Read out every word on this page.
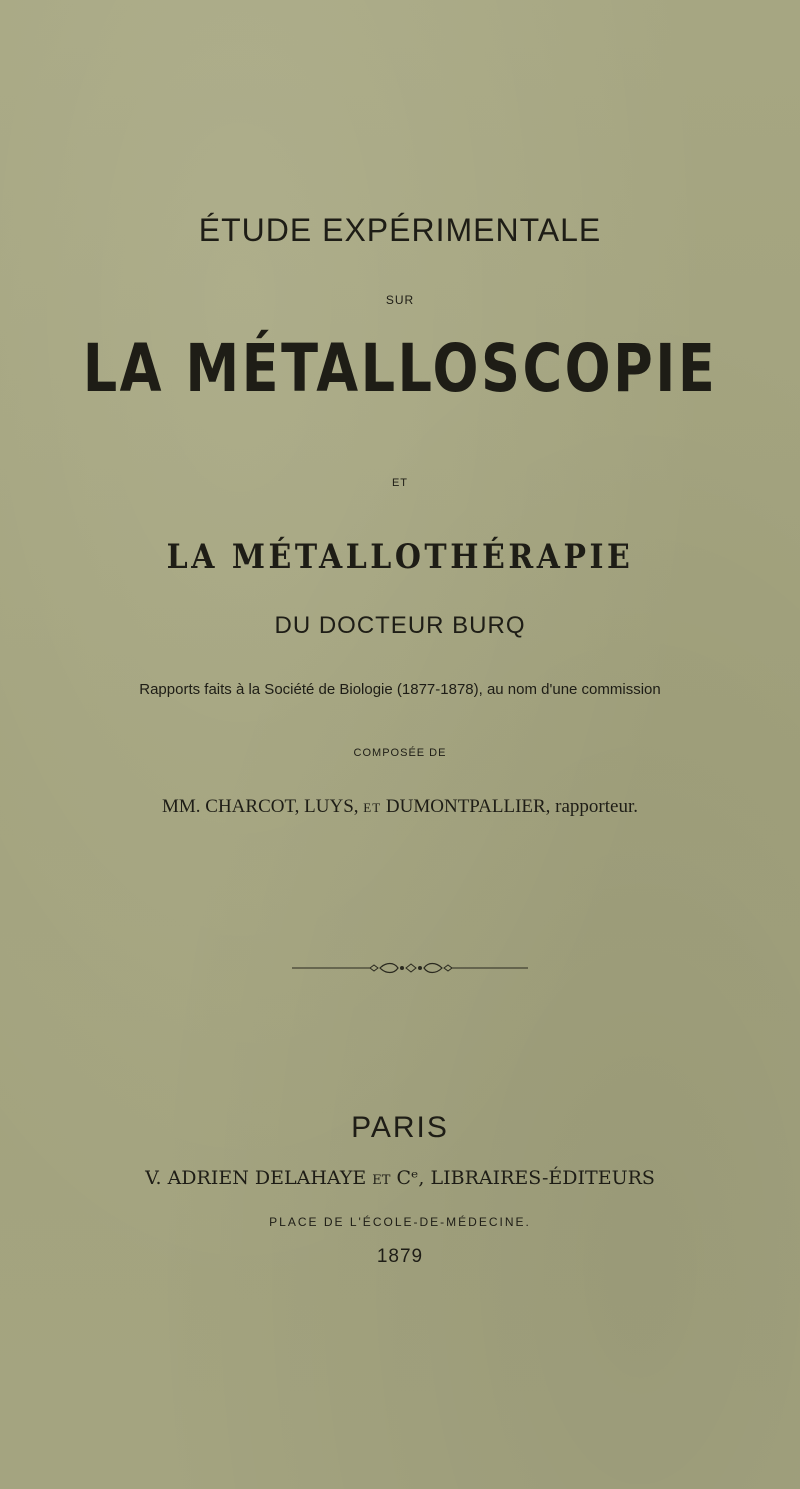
ÉTUDE EXPÉRIMENTALE
SUR
LA MÉTALLOSCOPIE
ET
LA MÉTALLOTHÉRAPIE
DU DOCTEUR BURQ
Rapports faits à la Société de Biologie (1877-1878), au nom d'une commission
COMPOSÉE DE
MM. CHARCOT, LUYS, ET DUMONTPALLIER, rapporteur.
PARIS
V. ADRIEN DELAHAYE ET Cᵉ, LIBRAIRES-ÉDITEURS
PLACE DE L'ÉCOLE-DE-MÉDECINE.
1879
